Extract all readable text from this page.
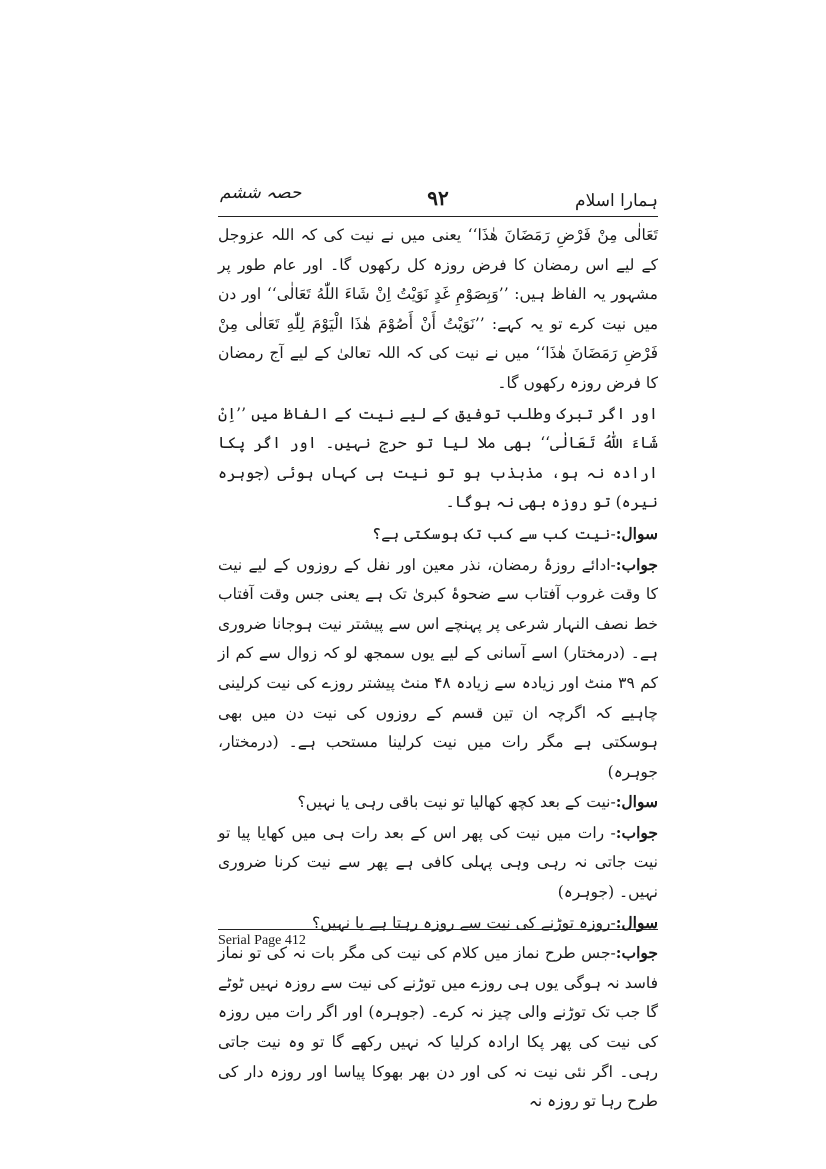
ہمارا اسلام
۹۲
حصہ ششم

تَعَالٰى مِنْ فَرْضِ رَمَضَانَ هٰذَا‘‘ یعنی میں نے نیت کی کہ اللہ عزوجل کے لیے اس رمضان کا فرض روزہ کل رکھوں گا۔ اور عام طور پر مشہور یہ الفاظ ہیں: ’’وَبِصَوْمِ غَدٍ نَوَيْتُ اِنْ شَاءَ اللّٰهُ تَعَالٰى‘‘ اور دن میں نیت کرے تو یہ کہے: ’’نَوَيْتُ أَنْ أَصُوْمَ هٰذَا الْيَوْمَ لِلّٰهِ تَعَالٰى مِنْ فَرْضِ رَمَضَانَ هٰذَا‘‘ میں نے نیت کی کہ اللہ تعالیٰ کے لیے آج رمضان کا فرض روزہ رکھوں گا۔

اور اگر تبرک وطلب توفیق کے لیے نیت کے الفاظ میں ’’اِنْ شَاءَ اللّٰهُ تَعَالٰى‘‘ بھی ملا لیا تو حرج نہیں۔ اور اگر پکا ارادہ نہ ہو، مذبذب ہو تو نیت ہی کہاں ہوئی (جوہرہ نیرہ) تو روزہ بھی نہ ہوگا۔

سوال:-نیت کب سے کب تک ہوسکتی ہے؟

جواب:-ادائے روزۂ رمضان، نذر معین اور نفل کے روزوں کے لیے نیت کا وقت غروب آفتاب سے ضحوۂ کبریٰ تک ہے یعنی جس وقت آفتاب خط نصف النہار شرعی پر پہنچے اس سے پیشتر نیت ہوجانا ضروری ہے۔ (درمختار) اسے آسانی کے لیے یوں سمجھ لو کہ زوال سے کم از کم ۳۹ منٹ اور زیادہ سے زیادہ ۴۸ منٹ پیشتر روزے کی نیت کرلینی چاہیے کہ اگرچہ ان تین قسم کے روزوں کی نیت دن میں بھی ہوسکتی ہے مگر رات میں نیت کرلینا مستحب ہے۔ (درمختار، جوہرہ)

سوال:-نیت کے بعد کچھ کھالیا تو نیت باقی رہی یا نہیں؟

جواب:- رات میں نیت کی پھر اس کے بعد رات ہی میں کھایا پیا تو نیت جاتی نہ رہی وہی پہلی کافی ہے پھر سے نیت کرنا ضروری نہیں۔ (جوہرہ)

سوال:-روزہ توڑنے کی نیت سے روزہ رہتا ہے یا نہیں؟

جواب:-جس طرح نماز میں کلام کی نیت کی مگر بات نہ کی تو نماز فاسد نہ ہوگی یوں ہی روزے میں توڑنے کی نیت سے روزہ نہیں ٹوٹے گا جب تک توڑنے والی چیز نہ کرے۔ (جوہرہ) اور اگر رات میں روزہ کی نیت کی پھر پکا ارادہ کرلیا کہ نہیں رکھے گا تو وہ نیت جاتی رہی۔ اگر نئی نیت نہ کی اور دن بھر بھوکا پیاسا اور روزہ دار کی طرح رہا تو روزہ نہ

Serial Page 412
